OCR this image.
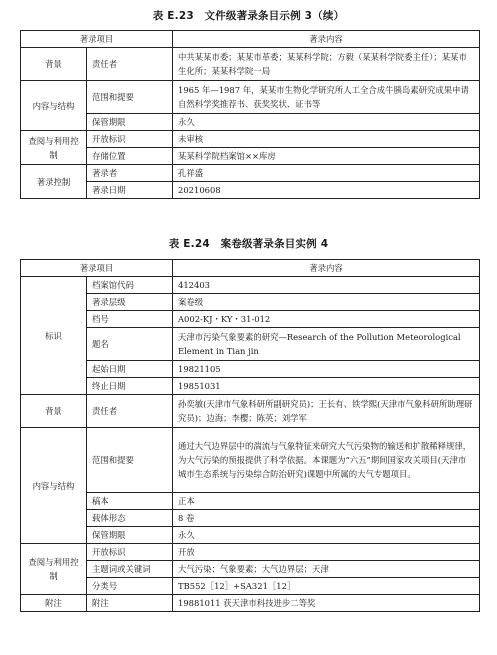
表 E.23　文件级著录条目示例 3（续）
著录项目		著录内容
背景	责任者	中共某某市委；某某市革委；某某科学院；方毅（某某科学院委主任）；某某市生化所；某某科学院一局
内容与结构	范围和提要	1965 年—1987 年，某某市生物化学研究所人工全合成牛胰岛素研究成果申请自然科学奖推荐书、获奖奖状、证书等
	保管期限	永久
查阅与利用控制	开放标识	未审核
	存储位置	某某科学院档案馆××库房
著录控制	著录者	孔祥盛
	著录日期	20210608
表 E.24　案卷级著录条目实例 4
著录项目		著录内容
标识	档案馆代码	412403
	著录层级	案卷级
	档号	A002-KJ・KY・31-012
	题名	天津市污染气象要素的研究—Research of the Pollution Meteorological Element in Tian jin
	起始日期	19821105
	终止日期	19851031
背景	责任者	孙奕敏(天津市气象科研所副研究员)；王长有、铁学熙(天津市气象科研所助理研究员)；边海；李樱；陈英；刘学军
内容与结构	范围和提要	通过大气边界层中的湍流与气象特征来研究大气污染物的输送和扩散稀释规律，为大气污染的预报提供了科学依据。本课题为“六五”期间国家攻关项目(天津市城市生态系统与污染综合防治研究)课题中所属的大气专题项目。
	稿本	正本
	载体形态	8 卷
	保管期限	永久
查阅与利用控制	开放标识	开放
	主题词或关键词	大气污染；气象要素；大气边界层；天津
	分类号	TB552［12］+SA321［12］
附注	附注	19881011 获天津市科技进步二等奖
